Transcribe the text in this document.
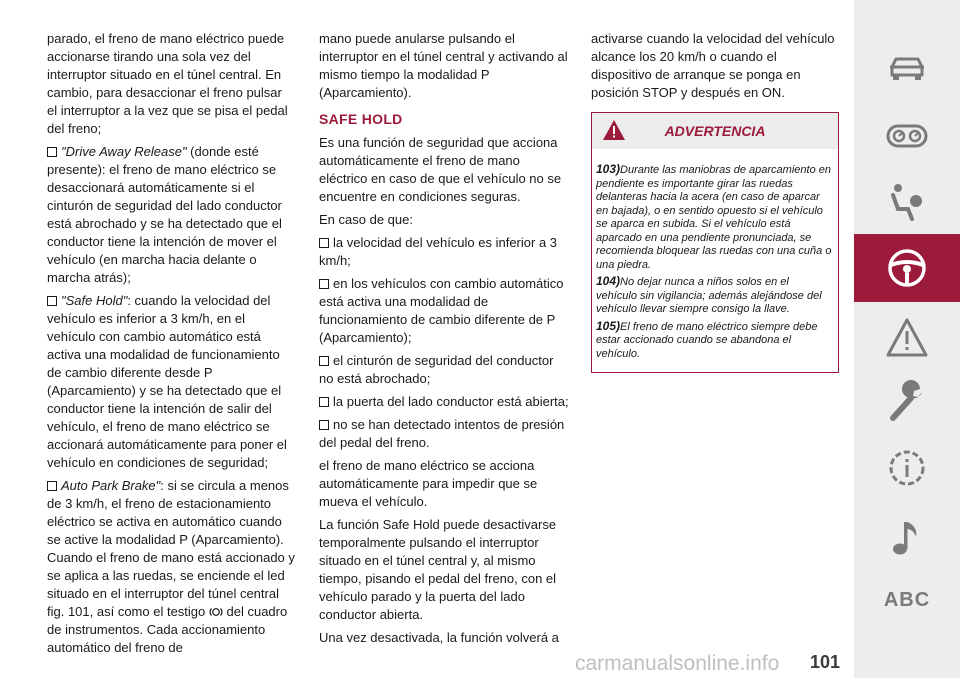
parado, el freno de mano eléctrico puede accionarse tirando una sola vez del interruptor situado en el túnel central. En cambio, para desaccionar el freno pulsar el interruptor a la vez que se pisa el pedal del freno;

"Drive Away Release" (donde esté presente): el freno de mano eléctrico se desaccionará automáticamente si el cinturón de seguridad del lado conductor está abrochado y se ha detectado que el conductor tiene la intención de mover el vehículo (en marcha hacia delante o marcha atrás);

"Safe Hold": cuando la velocidad del vehículo es inferior a 3 km/h, en el vehículo con cambio automático está activa una modalidad de funcionamiento de cambio diferente desde P (Aparcamiento) y se ha detectado que el conductor tiene la intención de salir del vehículo, el freno de mano eléctrico se accionará automáticamente para poner el vehículo en condiciones de seguridad;

Auto Park Brake": si se circula a menos de 3 km/h, el freno de estacionamiento eléctrico se activa en automático cuando se active la modalidad P (Aparcamiento). Cuando el freno de mano está accionado y se aplica a las ruedas, se enciende el led situado en el interruptor del túnel central fig. 101, así como el testigo  del cuadro de instrumentos. Cada accionamiento automático del freno de

mano puede anularse pulsando el interruptor en el túnel central y activando al mismo tiempo la modalidad P (Aparcamiento).

SAFE HOLD

Es una función de seguridad que acciona automáticamente el freno de mano eléctrico en caso de que el vehículo no se encuentre en condiciones seguras.

En caso de que:

la velocidad del vehículo es inferior a 3 km/h;

en los vehículos con cambio automático está activa una modalidad de funcionamiento de cambio diferente de P (Aparcamiento);

el cinturón de seguridad del conductor no está abrochado;

la puerta del lado conductor está abierta;

no se han detectado intentos de presión del pedal del freno.

el freno de mano eléctrico se acciona automáticamente para impedir que se mueva el vehículo.

La función Safe Hold puede desactivarse temporalmente pulsando el interruptor situado en el túnel central y, al mismo tiempo, pisando el pedal del freno, con el vehículo parado y la puerta del lado conductor abierta.

Una vez desactivada, la función volverá a

activarse cuando la velocidad del vehículo alcance los 20 km/h o cuando el dispositivo de arranque se ponga en posición STOP y después en ON.

ADVERTENCIA

103)Durante las maniobras de aparcamiento en pendiente es importante girar las ruedas delanteras hacia la acera (en caso de aparcar en bajada), o en sentido opuesto si el vehículo se aparca en subida. Si el vehículo está aparcado en una pendiente pronunciada, se recomienda bloquear las ruedas con una cuña o una piedra.

104)No dejar nunca a niños solos en el vehículo sin vigilancia; además alejándose del vehículo llevar siempre consigo la llave.

105)El freno de mano eléctrico siempre debe estar accionado cuando se abandona el vehículo.

ABC
carmanualsonline.info 101
